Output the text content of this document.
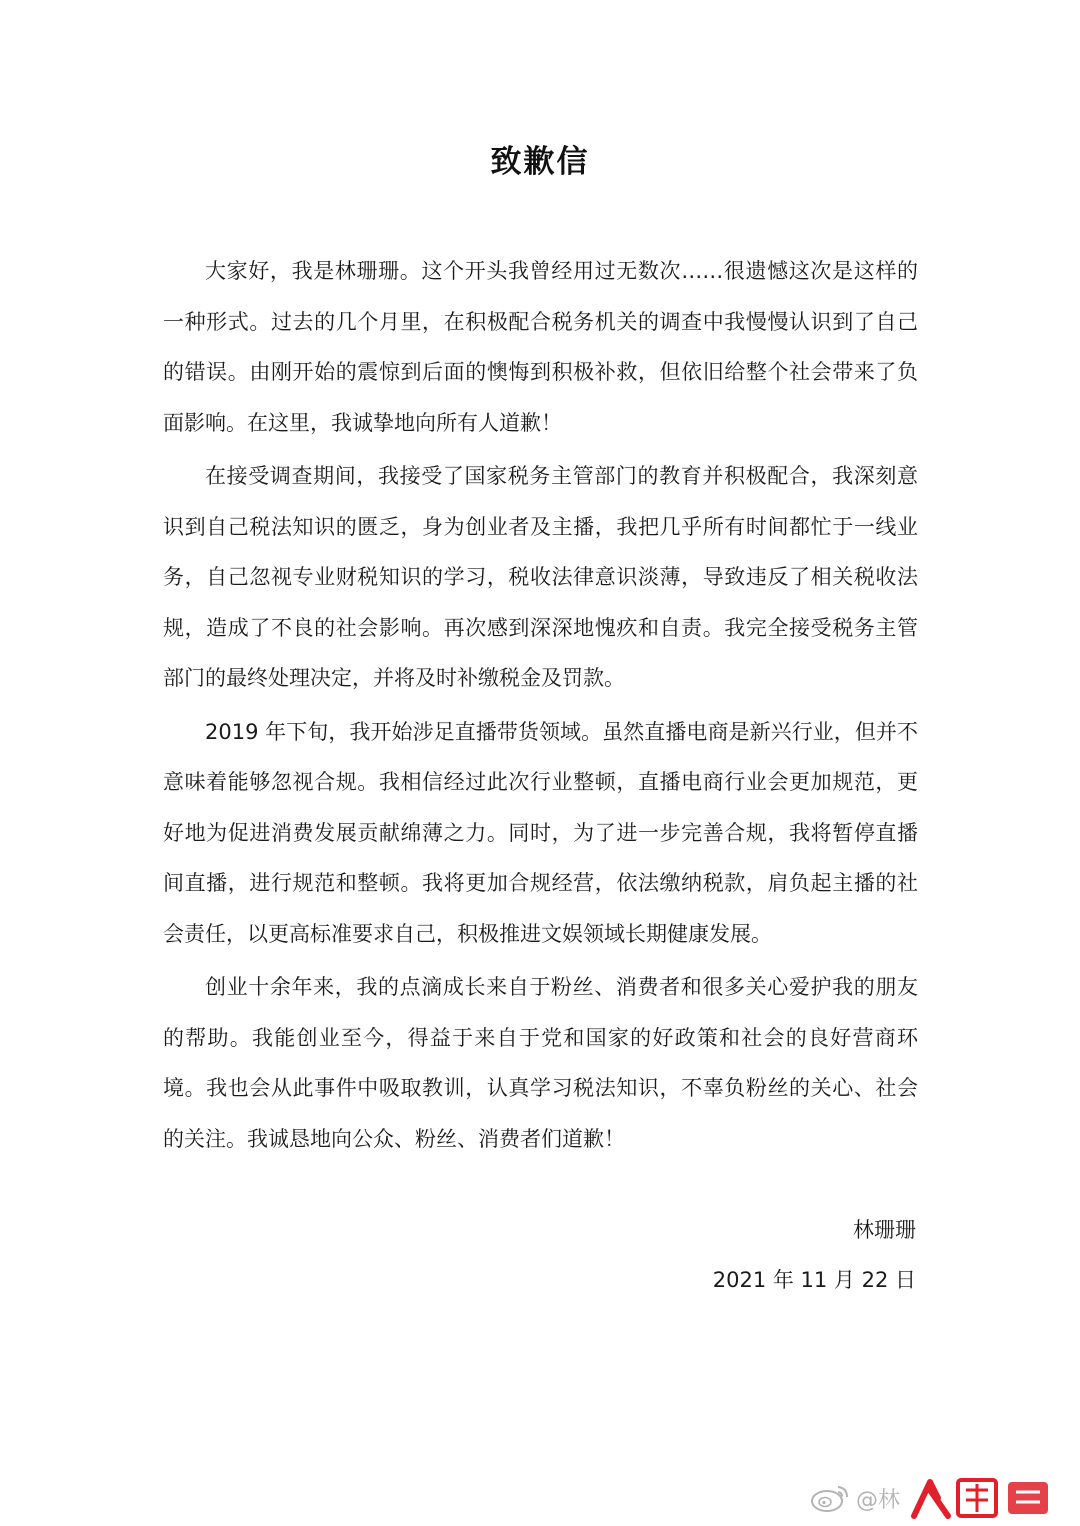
致歉信

大家好，我是林珊珊。这个开头我曾经用过无数次……很遗憾这次是这样的一种形式。过去的几个月里，在积极配合税务机关的调查中我慢慢认识到了自己的错误。由刚开始的震惊到后面的懊悔到积极补救，但依旧给整个社会带来了负面影响。在这里，我诚挚地向所有人道歉！

在接受调查期间，我接受了国家税务主管部门的教育并积极配合，我深刻意识到自己税法知识的匮乏，身为创业者及主播，我把几乎所有时间都忙于一线业务，自己忽视专业财税知识的学习，税收法律意识淡薄，导致违反了相关税收法规，造成了不良的社会影响。再次感到深深地愧疚和自责。我完全接受税务主管部门的最终处理决定，并将及时补缴税金及罚款。

2019 年下旬，我开始涉足直播带货领域。虽然直播电商是新兴行业，但并不意味着能够忽视合规。我相信经过此次行业整顿，直播电商行业会更加规范，更好地为促进消费发展贡献绵薄之力。同时，为了进一步完善合规，我将暂停直播间直播，进行规范和整顿。我将更加合规经营，依法缴纳税款，肩负起主播的社会责任，以更高标准要求自己，积极推进文娱领域长期健康发展。

创业十余年来，我的点滴成长来自于粉丝、消费者和很多关心爱护我的朋友的帮助。我能创业至今，得益于来自于党和国家的好政策和社会的良好营商环境。我也会从此事件中吸取教训，认真学习税法知识，不辜负粉丝的关心、社会的关注。我诚恳地向公众、粉丝、消费者们道歉！

林珊珊
2021 年 11 月 22 日
@林
